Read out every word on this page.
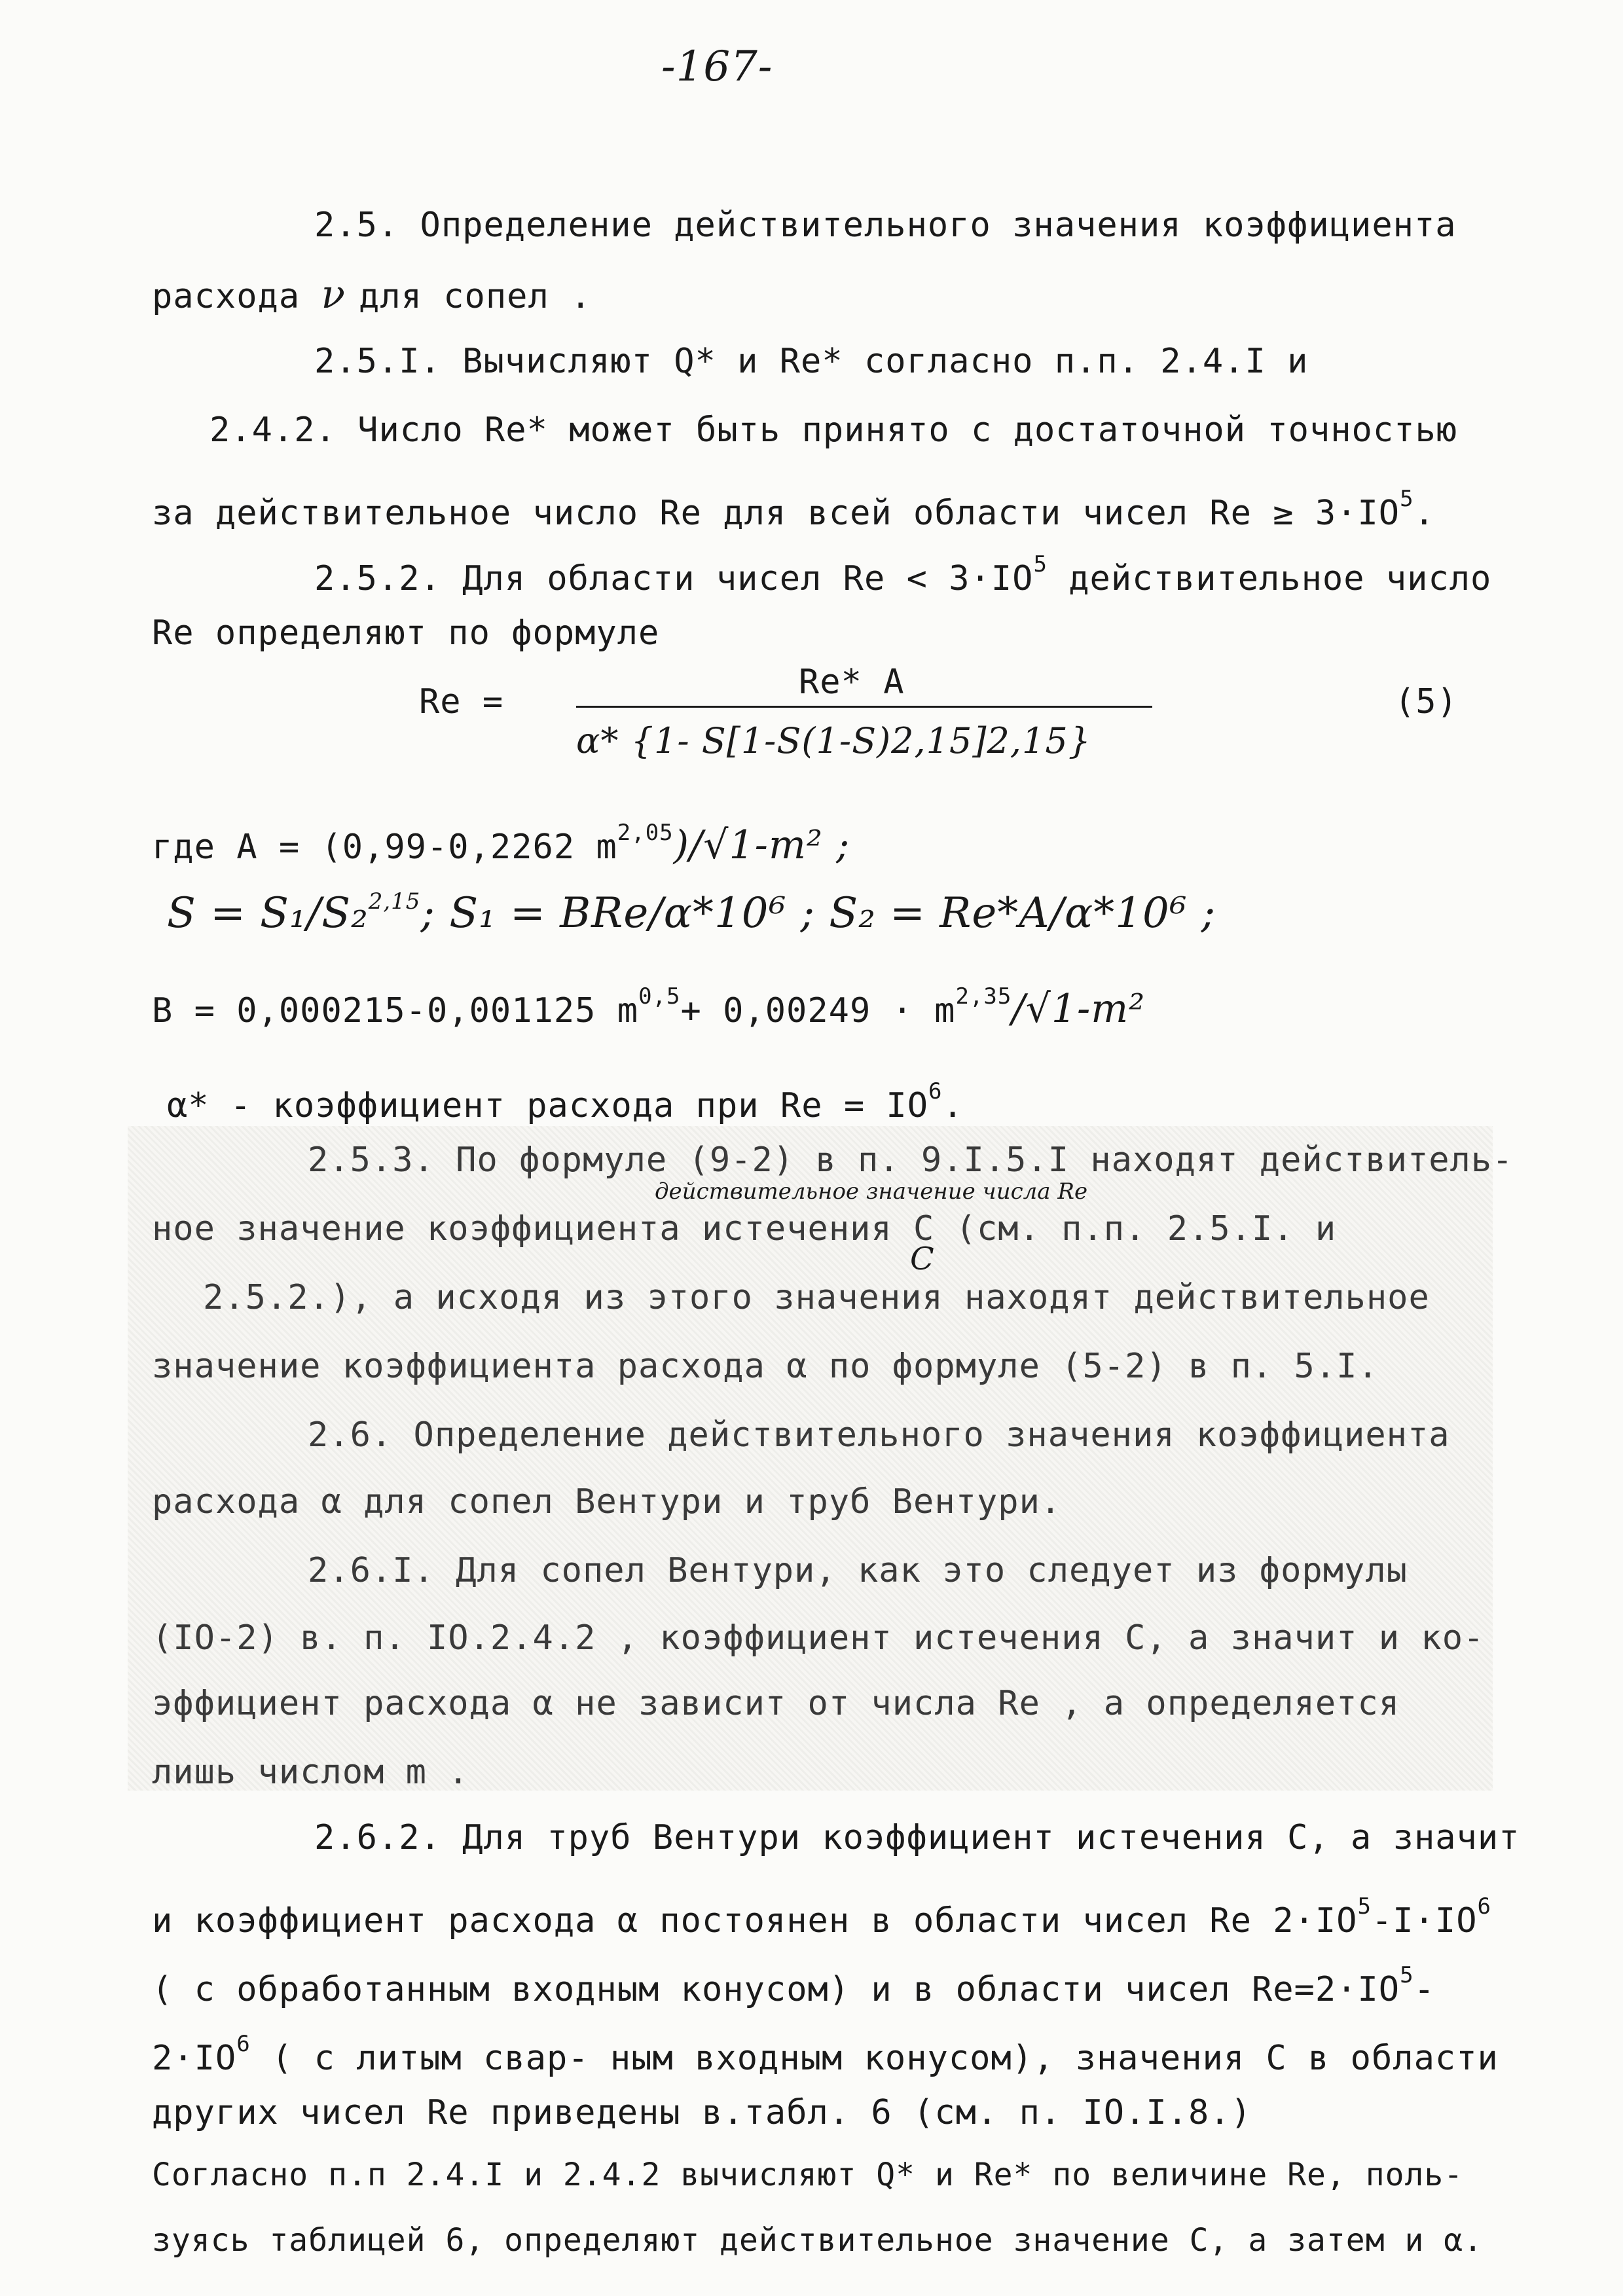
-167-
2.5. Определение действительного значения коэффициента
расхода ν для сопел .
2.5.I. Вычисляют Q* и Re* согласно п.п. 2.4.I и
2.4.2. Число Re* может быть принято с достаточной точностью
за действительное число Re для всей области чисел $Re \ge 3\cdot IO^5$.
2.5.2. Для области чисел $Re < 3\cdot IO^5$ действительное число
Re определяют по формуле
Re =	Re* A
α* {1- S[1-S(1-S)2,15]2,15}
(5)
где A = (0,99-0,2262 $m^{2,05})/√1-m^2$ ;
S = S₁/S₂$^{2,15}$; S₁ = BRe/α*10⁶ ; S₂ = Re*A/α*10⁶ ;
B = 0,000215-0,001125 $m^{0,5}+ 0,00249 \cdot m^{2,35}/√1-m^2$
α* - коэффициент расхода при $Re = IO^6$.
2.5.3. По формуле (9-2) в п. 9.I.5.I находят действитель-
действительное значение числа Re
ное значение коэффициента истечения C (см. п.п. 2.5.I. и
C
2.5.2.), а исходя из этого значения находят действительное
значение коэффициента расхода α по формуле (5-2) в п. 5.I.
2.6. Определение действительного значения коэффициента
расхода α для сопел Вентури и труб Вентури.
2.6.I. Для сопел Вентури, как это следует из формулы
(IO-2) в. п. IO.2.4.2 , коэффициент истечения C, а значит и ко-
эффициент расхода α не зависит от числа Re , а определяется
лишь числом m .
2.6.2. Для труб Вентури коэффициент истечения C, а значит
и коэффициент расхода α постоянен в области чисел Re $2\cdot IO^5-I\cdot IO^6$
( с обработанным входным конусом) и в области чисел $Re=2\cdot IO^5-$
$2\cdot IO^6$ ( с литым свар- ным входным конусом), значения C в области
других чисел Re приведены в.табл. 6 (см. п. IO.I.8.)
Согласно п.п 2.4.I и 2.4.2 вычисляют Q* и Re* по величине Re, поль-
зуясь таблицей 6, определяют действительное значение C, а затем и α.
